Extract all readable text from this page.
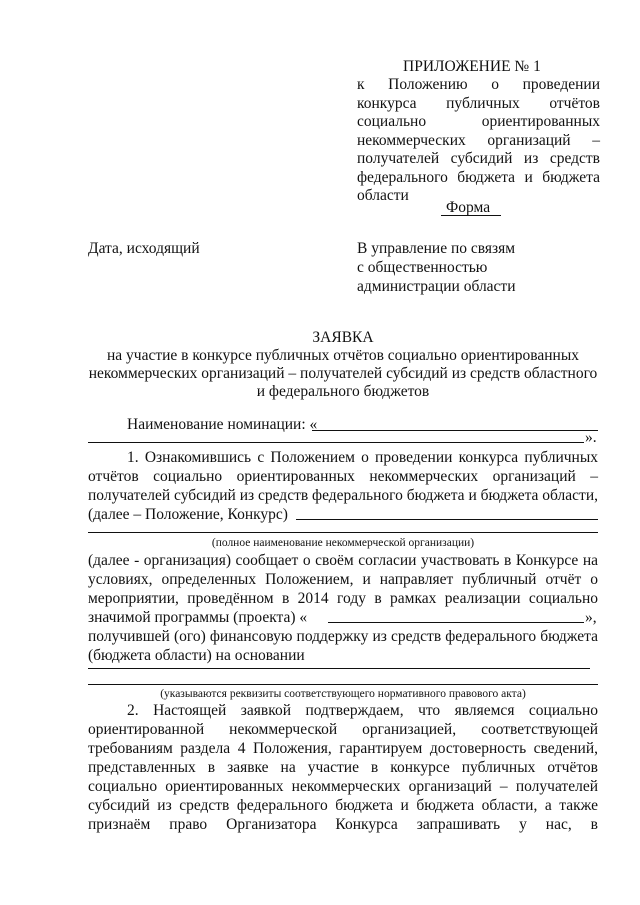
ПРИЛОЖЕНИЕ № 1
к Положению о проведении
конкурса публичных отчётов
социально ориентированных
некоммерческих организаций –
получателей субсидий из средств
федерального бюджета и бюджета
области
Форма
Дата, исходящий	В управление по связям
с общественностью
администрации области
ЗАЯВКА
на участие в конкурсе публичных отчётов социально ориентированных
некоммерческих организаций – получателей субсидий из средств областного
и федерального бюджетов
Наименование номинации: «
».
1. Ознакомившись с Положением о проведении конкурса публичных
отчётов социально ориентированных некоммерческих организаций –
получателей субсидий из средств федерального бюджета и бюджета области,
(далее – Положение, Конкурс)
(полное наименование некоммерческой организации)
(далее - организация) сообщает о своём согласии участвовать в Конкурсе на
условиях, определенных Положением, и направляет публичный отчёт о
мероприятии, проведённом в 2014 году в рамках реализации социально
значимой программы (проекта) «	»,
получившей (ого) финансовую поддержку из средств федерального бюджета
(бюджета области) на основании
(указываются реквизиты соответствующего нормативного правового акта)
2. Настоящей заявкой подтверждаем, что являемся социально
ориентированной некоммерческой организацией, соответствующей
требованиям раздела 4 Положения, гарантируем достоверность сведений,
представленных в заявке на участие в конкурсе публичных отчётов
социально ориентированных некоммерческих организаций – получателей
субсидий из средств федерального бюджета и бюджета области, а также
признаём право Организатора Конкурса запрашивать у нас, в
